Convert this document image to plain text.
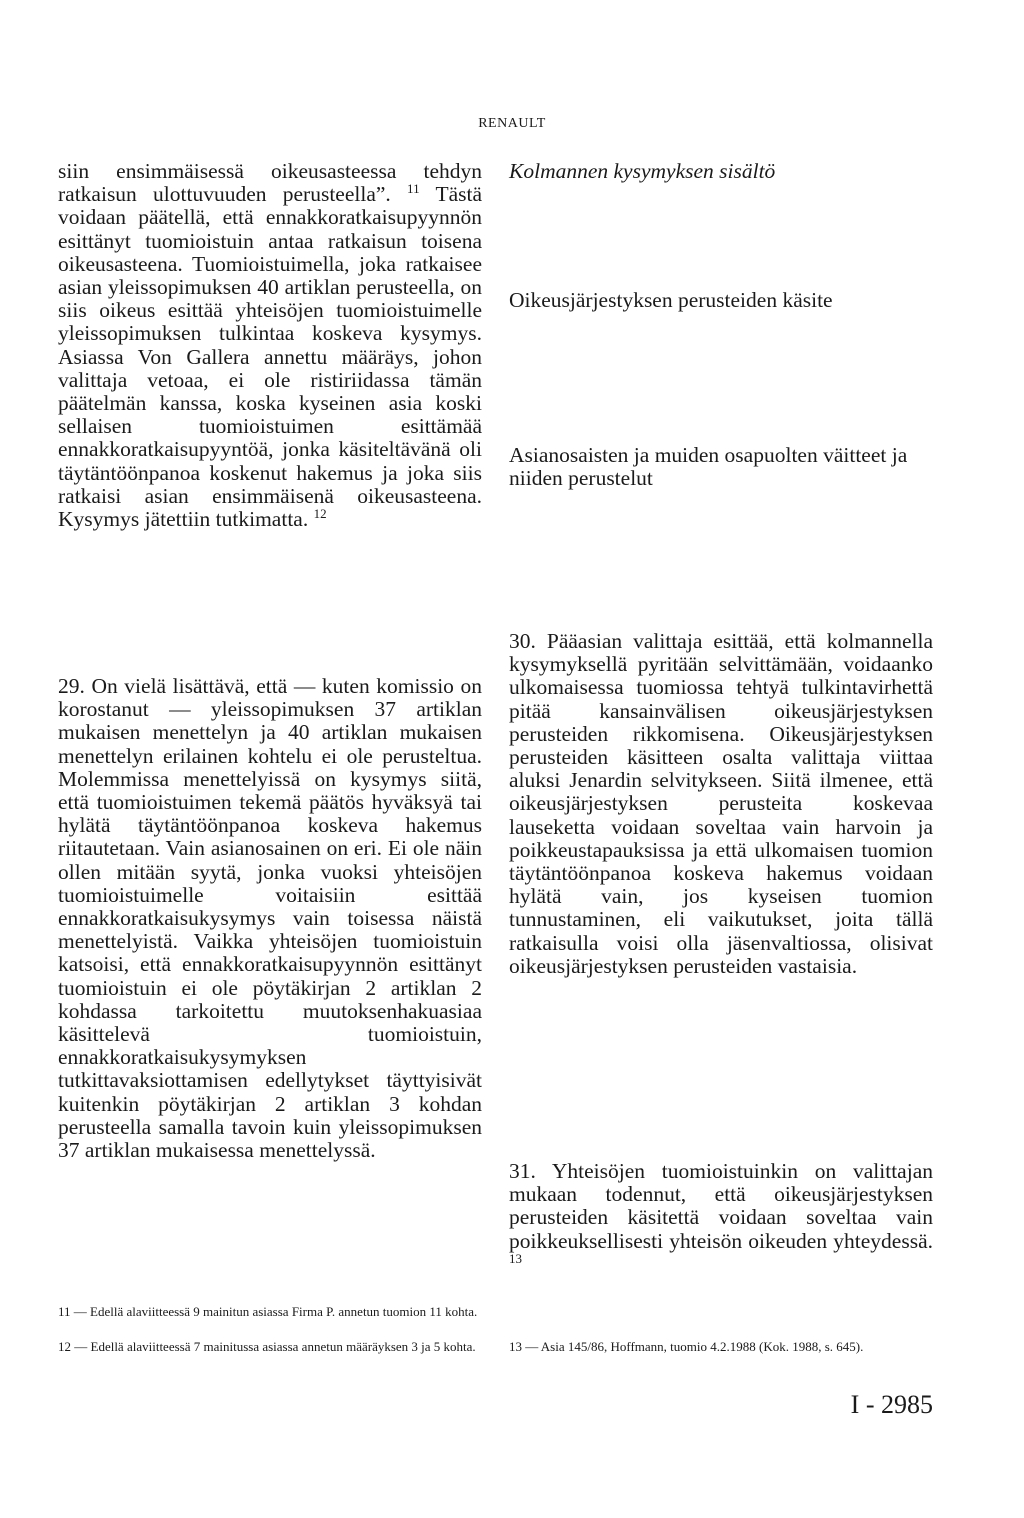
RENAULT

siin ensimmäisessä oikeusasteessa tehdyn ratkaisun ulottuvuuden perusteella”. $^{11}$ Tästä voidaan päätellä, että ennakkoratkaisupyynnön esittänyt tuomioistuin antaa ratkaisun toisena oikeusasteena. Tuomioistuimella, joka ratkaisee asian yleissopimuksen 40 artiklan perusteella, on siis oikeus esittää yhteisöjen tuomioistuimelle yleissopimuksen tulkintaa koskeva kysymys. Asiassa Von Gallera annettu määräys, johon valittaja vetoaa, ei ole ristiriidassa tämän päätelmän kanssa, koska kyseinen asia koski sellaisen tuomioistuimen esittämää ennakkoratkaisupyyntöä, jonka käsiteltävänä oli täytäntöönpanoa koskenut hakemus ja joka siis ratkaisi asian ensimmäisenä oikeusasteena. Kysymys jätettiin tutkimatta. $^{12}$

29. On vielä lisättävä, että — kuten komissio on korostanut — yleissopimuksen 37 artiklan mukaisen menettelyn ja 40 artiklan mukaisen menettelyn erilainen kohtelu ei ole perusteltua. Molemmissa menettelyissä on kysymys siitä, että tuomioistuimen tekemä päätös hyväksyä tai hylätä täytäntöönpanoa koskeva hakemus riitautetaan. Vain asianosainen on eri. Ei ole näin ollen mitään syytä, jonka vuoksi yhteisöjen tuomioistuimelle voitaisiin esittää ennakkoratkaisukysymys vain toisessa näistä menettelyistä. Vaikka yhteisöjen tuomioistuin katsoisi, että ennakkoratkaisupyynnön esittänyt tuomioistuin ei ole pöytäkirjan 2 artiklan 2 kohdassa tarkoitettu muutoksenhakuasiaa käsittelevä tuomioistuin, ennakkoratkaisukysymyksen tutkittavaksiottamisen edellytykset täyttyisivät kuitenkin pöytäkirjan 2 artiklan 3 kohdan perusteella samalla tavoin kuin yleissopimuksen 37 artiklan mukaisessa menettelyssä.

Kolmannen kysymyksen sisältö

Oikeusjärjestyksen perusteiden käsite

Asianosaisten ja muiden osapuolten väitteet ja niiden perustelut

30. Pääasian valittaja esittää, että kolmannella kysymyksellä pyritään selvittämään, voidaanko ulkomaisessa tuomiossa tehtyä tulkintavirhettä pitää kansainvälisen oikeusjärjestyksen perusteiden rikkomisena. Oikeusjärjestyksen perusteiden käsitteen osalta valittaja viittaa aluksi Jenardin selvitykseen. Siitä ilmenee, että oikeusjärjestyksen perusteita koskevaa lauseketta voidaan soveltaa vain harvoin ja poikkeustapauksissa ja että ulkomaisen tuomion täytäntöönpanoa koskeva hakemus voidaan hylätä vain, jos kyseisen tuomion tunnustaminen, eli vaikutukset, joita tällä ratkaisulla voisi olla jäsenvaltiossa, olisivat oikeusjärjestyksen perusteiden vastaisia.

31. Yhteisöjen tuomioistuinkin on valittajan mukaan todennut, että oikeusjärjestyksen perusteiden käsitettä voidaan soveltaa vain poikkeuksellisesti yhteisön oikeuden yhteydessä. $^{13}$

11 — Edellä alaviitteessä 9 mainitun asiassa Firma P. annetun tuomion 11 kohta.
12 — Edellä alaviitteessä 7 mainitussa asiassa annetun määräyksen 3 ja 5 kohta.	13 — Asia 145/86, Hoffmann, tuomio 4.2.1988 (Kok. 1988, s. 645).
I - 2985
